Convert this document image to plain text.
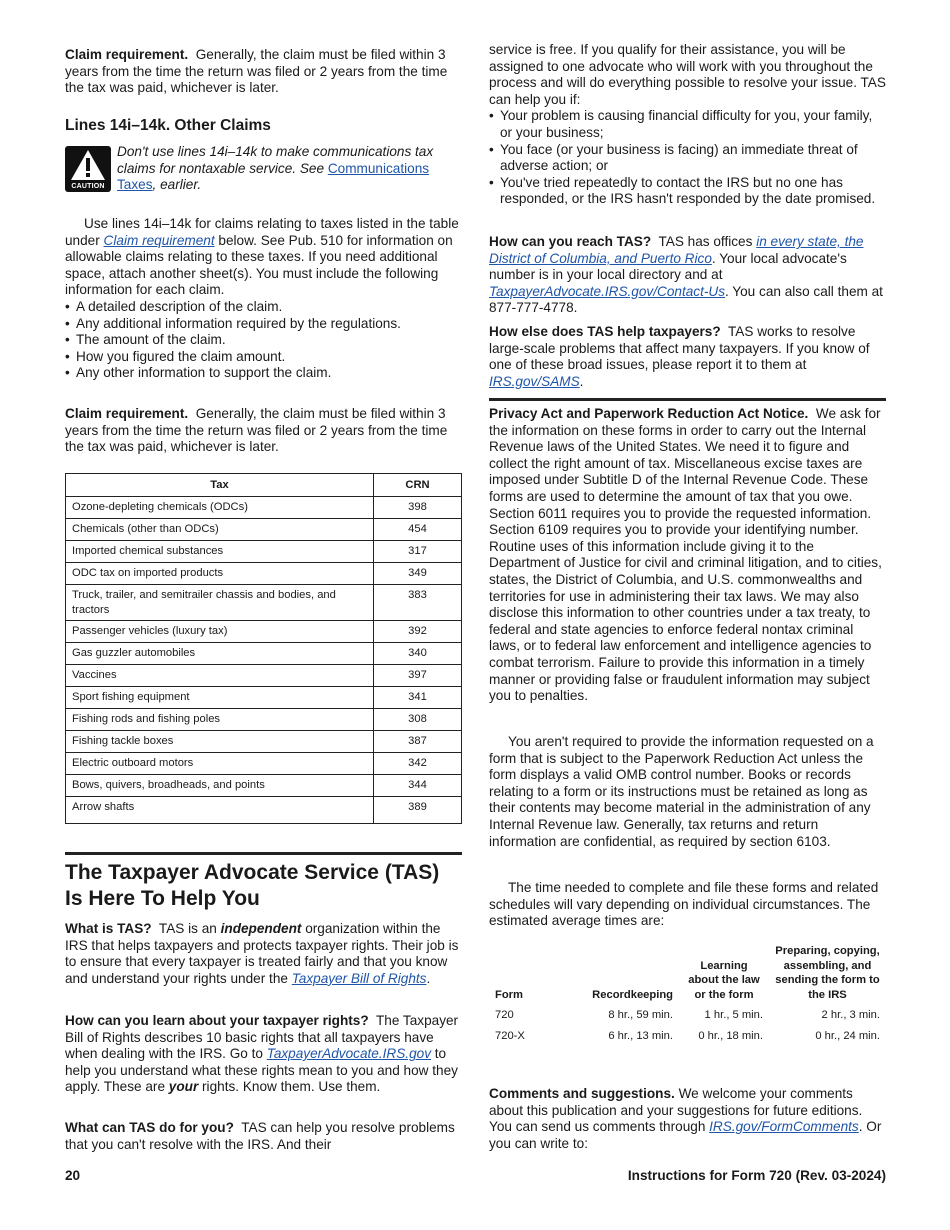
Claim requirement. Generally, the claim must be filed within 3 years from the time the return was filed or 2 years from the time the tax was paid, whichever is later.

Lines 14i–14k. Other Claims
CAUTION

Don't use lines 14i–14k to make communications tax claims for nontaxable service. See Communications Taxes, earlier.

Use lines 14i–14k for claims relating to taxes listed in the table under Claim requirement below. See Pub. 510 for information on allowable claims relating to these taxes. If you need additional space, attach another sheet(s). You must include the following information for each claim.

• A detailed description of the claim.
• Any additional information required by the regulations.
• The amount of the claim.
• How you figured the claim amount.
• Any other information to support the claim.

Claim requirement. Generally, the claim must be filed within 3 years from the time the return was filed or 2 years from the time the tax was paid, whichever is later.

Tax	CRN
Ozone-depleting chemicals (ODCs)	398
Chemicals (other than ODCs)	454
Imported chemical substances	317
ODC tax on imported products	349
Truck, trailer, and semitrailer chassis and bodies, and tractors	383
Passenger vehicles (luxury tax)	392
Gas guzzler automobiles	340
Vaccines	397
Sport fishing equipment	341
Fishing rods and fishing poles	308
Fishing tackle boxes	387
Electric outboard motors	342
Bows, quivers, broadheads, and points	344
Arrow shafts	389
The Taxpayer Advocate Service (TAS) Is Here To Help You

What is TAS? TAS is an independent organization within the IRS that helps taxpayers and protects taxpayer rights. Their job is to ensure that every taxpayer is treated fairly and that you know and understand your rights under the Taxpayer Bill of Rights.

How can you learn about your taxpayer rights? The Taxpayer Bill of Rights describes 10 basic rights that all taxpayers have when dealing with the IRS. Go to TaxpayerAdvocate.IRS.gov to help you understand what these rights mean to you and how they apply. These are your rights. Know them. Use them.

What can TAS do for you? TAS can help you resolve problems that you can't resolve with the IRS. And their

20

service is free. If you qualify for their assistance, you will be assigned to one advocate who will work with you throughout the process and will do everything possible to resolve your issue. TAS can help you if:

• Your problem is causing financial difficulty for you, your family, or your business;
• You face (or your business is facing) an immediate threat of adverse action; or
• You've tried repeatedly to contact the IRS but no one has responded, or the IRS hasn't responded by the date promised.

How can you reach TAS? TAS has offices in every state, the District of Columbia, and Puerto Rico. Your local advocate's number is in your local directory and at TaxpayerAdvocate.IRS.gov/Contact-Us. You can also call them at 877-777-4778.

How else does TAS help taxpayers? TAS works to resolve large-scale problems that affect many taxpayers. If you know of one of these broad issues, please report it to them at IRS.gov/SAMS.

Privacy Act and Paperwork Reduction Act Notice. We ask for the information on these forms in order to carry out the Internal Revenue laws of the United States. We need it to figure and collect the right amount of tax. Miscellaneous excise taxes are imposed under Subtitle D of the Internal Revenue Code. These forms are used to determine the amount of tax that you owe. Section 6011 requires you to provide the requested information. Section 6109 requires you to provide your identifying number. Routine uses of this information include giving it to the Department of Justice for civil and criminal litigation, and to cities, states, the District of Columbia, and U.S. commonwealths and territories for use in administering their tax laws. We may also disclose this information to other countries under a tax treaty, to federal and state agencies to enforce federal nontax criminal laws, or to federal law enforcement and intelligence agencies to combat terrorism. Failure to provide this information in a timely manner or providing false or fraudulent information may subject you to penalties.

You aren't required to provide the information requested on a form that is subject to the Paperwork Reduction Act unless the form displays a valid OMB control number. Books or records relating to a form or its instructions must be retained as long as their contents may become material in the administration of any Internal Revenue law. Generally, tax returns and return information are confidential, as required by section 6103.

The time needed to complete and file these forms and related schedules will vary depending on individual circumstances. The estimated average times are:

Form	Recordkeeping	Learning about the law or the form	Preparing, copying, assembling, and sending the form to the IRS
720	8 hr., 59 min.	1 hr., 5 min.	2 hr., 3 min.
720-X	6 hr., 13 min.	0 hr., 18 min.	0 hr., 24 min.

Comments and suggestions. We welcome your comments about this publication and your suggestions for future editions. You can send us comments through IRS.gov/FormComments. Or you can write to:

Instructions for Form 720 (Rev. 03-2024)
